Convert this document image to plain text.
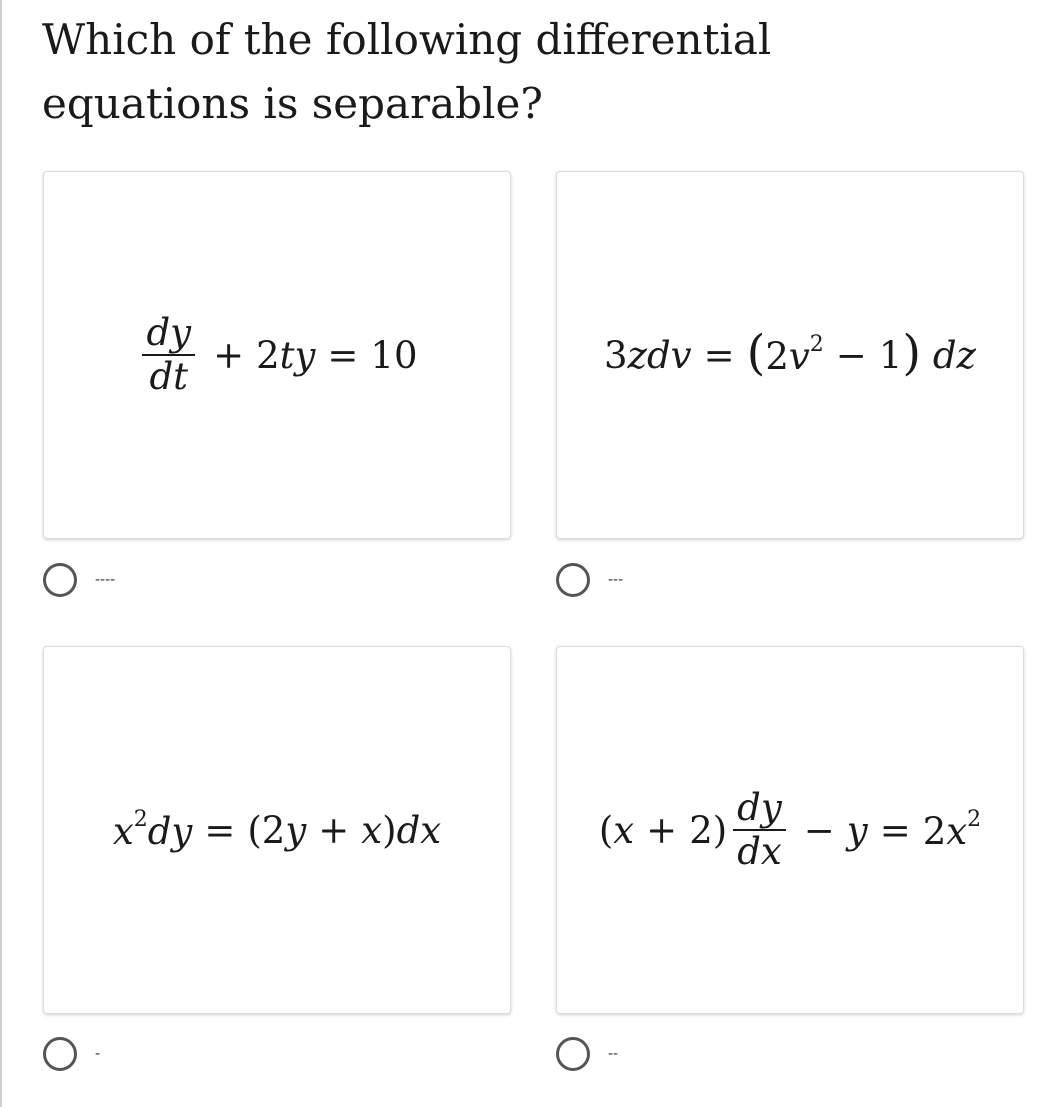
Which of the following differential equations is separable?

$\frac{dy}{dt} + 2ty = 10$	3zdv = ( $2v^2 - 1$ ) dz
----	---
$x^2dy = (2y + x)dx$	$(x + 2) \frac{dy}{dx} - y = 2x^2$
-	--
